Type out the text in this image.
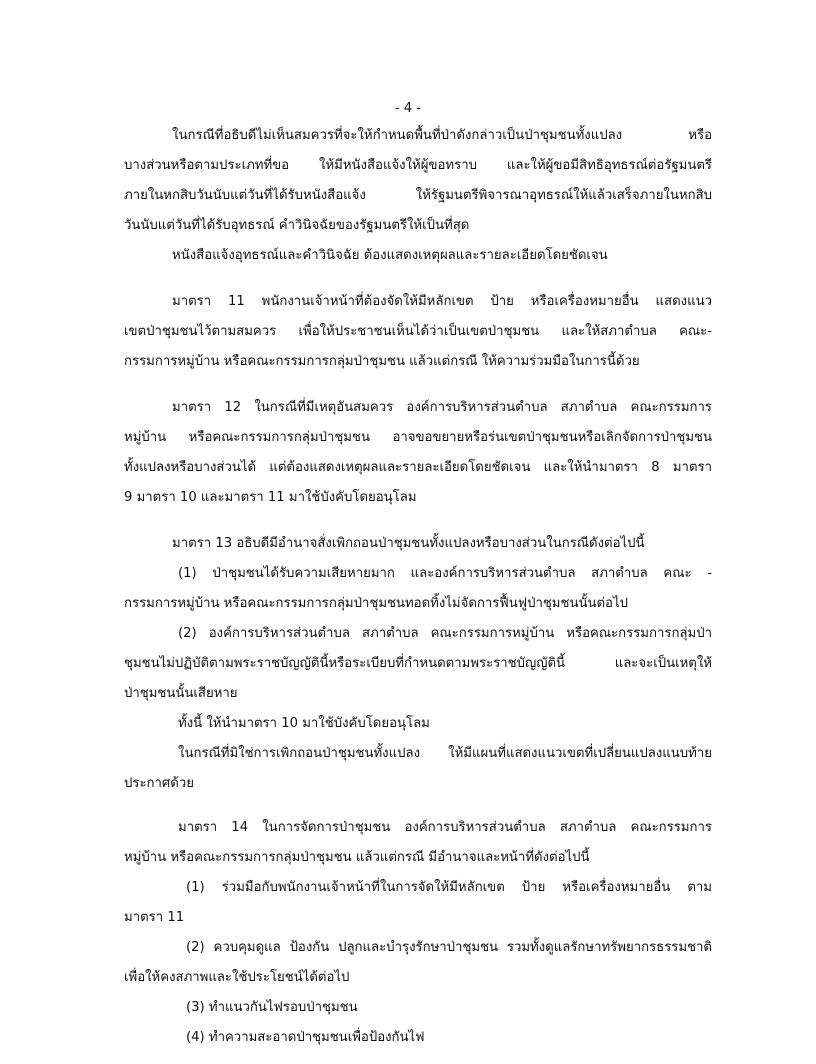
- 4 -
ในกรณีที่อธิบดีไม่เห็นสมควรที่จะให้กำหนดพื้นที่ป่าดังกล่าวเป็นป่าชุมชนทั้งแปลง หรือ
บางส่วนหรือตามประเภทที่ขอ ให้มีหนังสือแจ้งให้ผู้ขอทราบ และให้ผู้ขอมีสิทธิอุทธรณ์ต่อรัฐมนตรี
ภายในหกสิบวันนับแต่วันที่ได้รับหนังสือแจ้ง ให้รัฐมนตรีพิจารณาอุทธรณ์ให้แล้วเสร็จภายในหกสิบ
วันนับแต่วันที่ได้รับอุทธรณ์ คำวินิจฉัยของรัฐมนตรีให้เป็นที่สุด
หนังสือแจ้งอุทธรณ์และคำวินิจฉัย ต้องแสดงเหตุผลและรายละเอียดโดยชัดเจน
มาตรา 11 พนักงานเจ้าหน้าที่ต้องจัดให้มีหลักเขต ป้าย หรือเครื่องหมายอื่น แสดงแนว
เขตป่าชุมชนไว้ตามสมควร เพื่อให้ประชาชนเห็นได้ว่าเป็นเขตป่าชุมชน และให้สภาตำบล คณะ-
กรรมการหมู่บ้าน หรือคณะกรรมการกลุ่มป่าชุมชน แล้วแต่กรณี ให้ความร่วมมือในการนี้ด้วย
มาตรา 12 ในกรณีที่มีเหตุอันสมควร องค์การบริหารส่วนตำบล สภาตำบล คณะกรรมการ
หมู่บ้าน หรือคณะกรรมการกลุ่มป่าชุมชน อาจขอขยายหรือร่นเขตป่าชุมชนหรือเลิกจัดการป่าชุมชน
ทั้งแปลงหรือบางส่วนได้ แต่ต้องแสดงเหตุผลและรายละเอียดโดยชัดเจน และให้นำมาตรา 8 มาตรา
9 มาตรา 10 และมาตรา 11 มาใช้บังคับโดยอนุโลม
มาตรา 13 อธิบดีมีอำนาจสั่งเพิกถอนป่าชุมชนทั้งแปลงหรือบางส่วนในกรณีดังต่อไปนี้
(1) ป่าชุมชนได้รับความเสียหายมาก และองค์การบริหารส่วนตำบล สภาตำบล คณะ -
กรรมการหมู่บ้าน หรือคณะกรรมการกลุ่มป่าชุมชนทอดทิ้งไม่จัดการฟื้นฟูป่าชุมชนนั้นต่อไป
(2) องค์การบริหารส่วนตำบล สภาตำบล คณะกรรมการหมู่บ้าน หรือคณะกรรมการกลุ่มป่า
ชุมชนไม่ปฏิบัติตามพระราชบัญญัตินี้หรือระเบียบที่กำหนดตามพระราชบัญญัตินี้ และจะเป็นเหตุให้
ป่าชุมชนนั้นเสียหาย
ทั้งนี้ ให้นำมาตรา 10 มาใช้บังคับโดยอนุโลม
ในกรณีที่มิใช่การเพิกถอนป่าชุมชนทั้งแปลง ให้มีแผนที่แสดงแนวเขตที่เปลี่ยนแปลงแนบท้าย
ประกาศด้วย
มาตรา 14 ในการจัดการป่าชุมชน องค์การบริหารส่วนตำบล สภาตำบล คณะกรรมการ
หมู่บ้าน หรือคณะกรรมการกลุ่มป่าชุมชน แล้วแต่กรณี มีอำนาจและหน้าที่ดังต่อไปนี้
(1) ร่วมมือกับพนักงานเจ้าหน้าที่ในการจัดให้มีหลักเขต ป้าย หรือเครื่องหมายอื่น ตาม
มาตรา 11
(2) ควบคุมดูแล ป้องกัน ปลูกและบำรุงรักษาป่าชุมชน รวมทั้งดูแลรักษาทรัพยากรธรรมชาติ
เพื่อให้คงสภาพและใช้ประโยชน์ได้ต่อไป
(3) ทำแนวกันไฟรอบป่าชุมชน
(4) ทำความสะอาดป่าชุมชนเพื่อป้องกันไฟ
